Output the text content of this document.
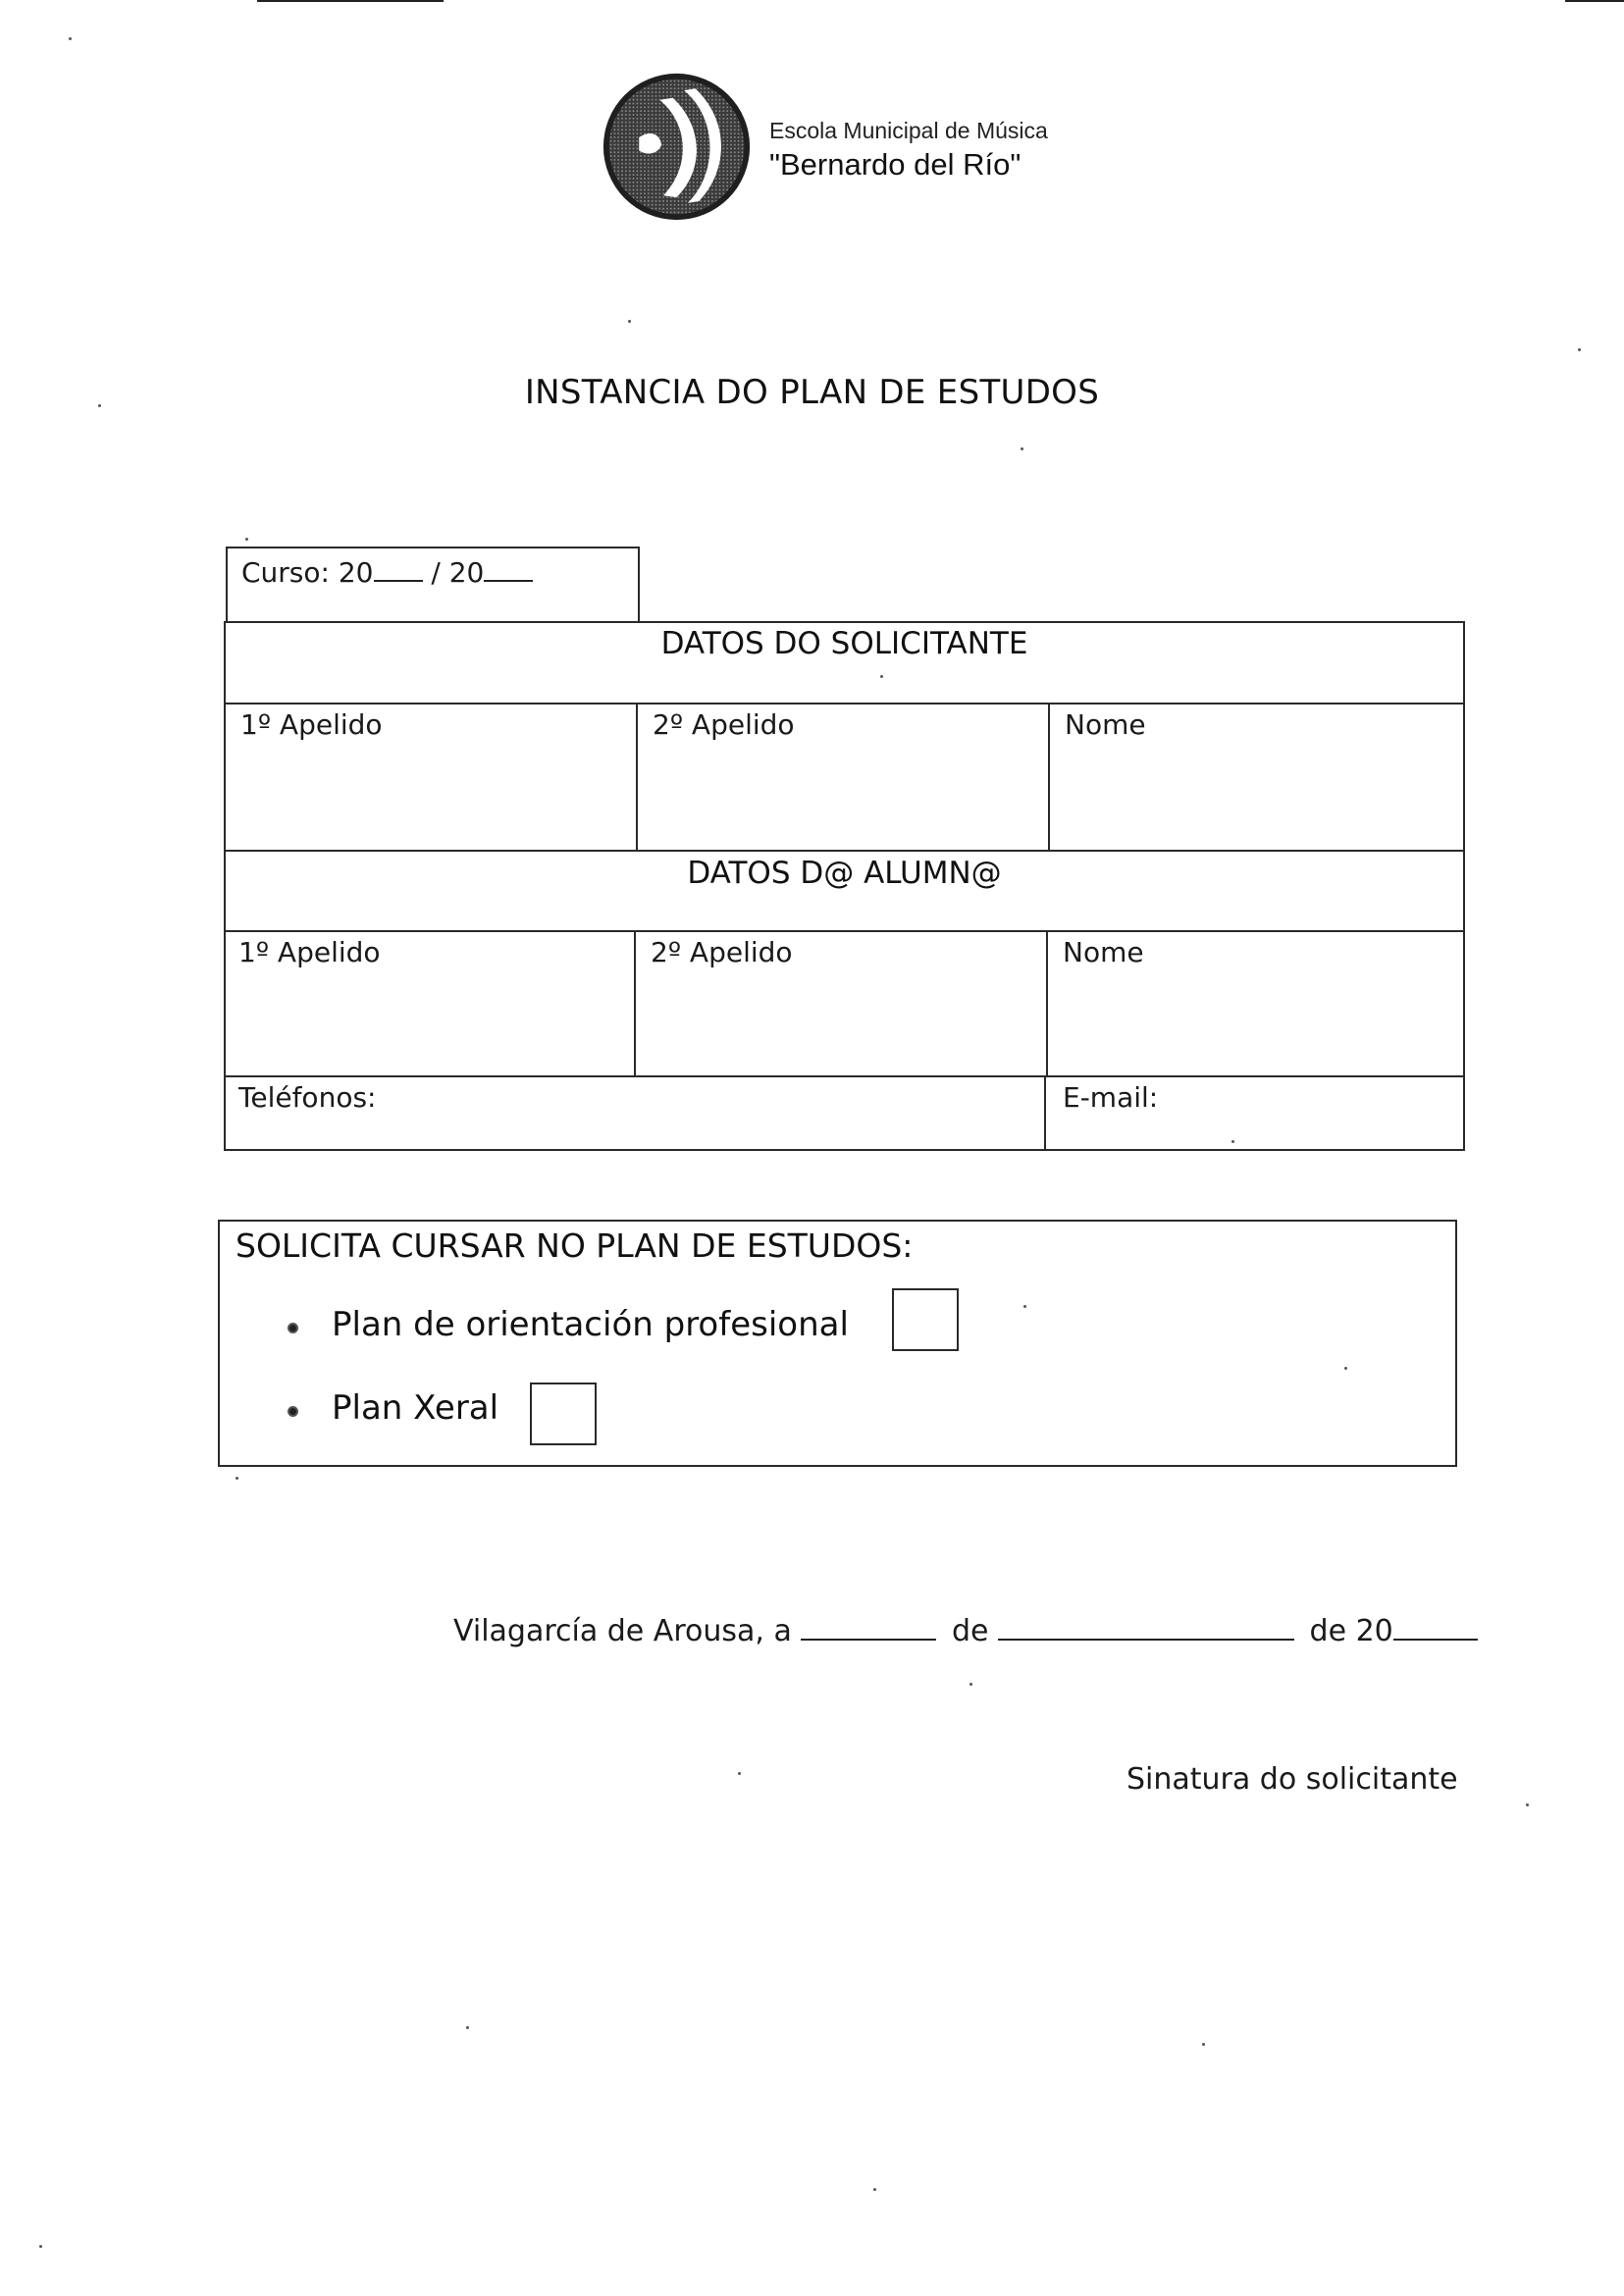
Escola Municipal de Música
"Bernardo del Río"
INSTANCIA DO PLAN DE ESTUDOS
Curso: 20 / 20
DATOS DO SOLICITANTE
1º Apelido	2º Apelido	Nome
DATOS D@ ALUMN@
1º Apelido	2º Apelido	Nome
Teléfonos:	E-mail:
SOLICITA CURSAR NO PLAN DE ESTUDOS:
Plan de orientación profesional
Plan Xeral
Vilagarcía de Arousa, a	de	de 20
Sinatura do solicitante
